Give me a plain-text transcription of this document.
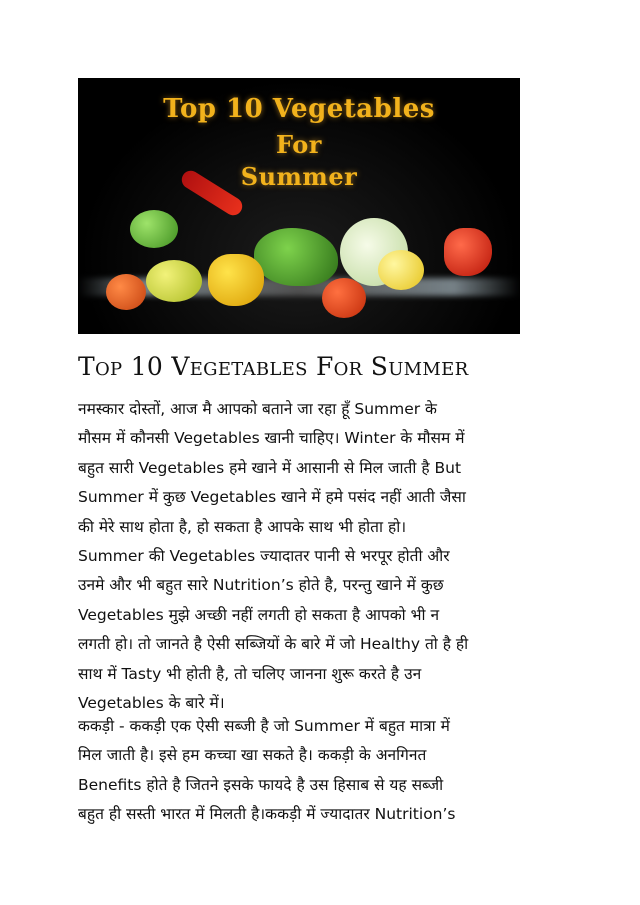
Top 10 Vegetables
For
Summer
Top 10 Vegetables For Summer

नमस्कार दोस्तों, आज मै आपको बताने जा रहा हूँ Summer के
मौसम में कौनसी Vegetables खानी चाहिए। Winter के मौसम में
बहुत सारी Vegetables हमे खाने में आसानी से मिल जाती है But
Summer में कुछ Vegetables खाने में हमे पसंद नहीं आती जैसा
की मेरे साथ होता है, हो सकता है आपके साथ भी होता हो।
Summer की Vegetables ज्यादातर पानी से भरपूर होती और
उनमे और भी बहुत सारे Nutrition’s होते है, परन्तु खाने में कुछ
Vegetables मुझे अच्छी नहीं लगती हो सकता है आपको भी न
लगती हो। तो जानते है ऐसी सब्जियों के बारे में जो Healthy तो है ही
साथ में Tasty भी होती है, तो चलिए जानना शुरू करते है उन
Vegetables के बारे में।

ककड़ी - ककड़ी एक ऐसी सब्जी है जो Summer में बहुत मात्रा में
मिल जाती है। इसे हम कच्चा खा सकते है। ककड़ी के अनगिनत
Benefits होते है जितने इसके फायदे है उस हिसाब से यह सब्जी
बहुत ही सस्ती भारत में मिलती है।ककड़ी में ज्यादातर Nutrition’s
